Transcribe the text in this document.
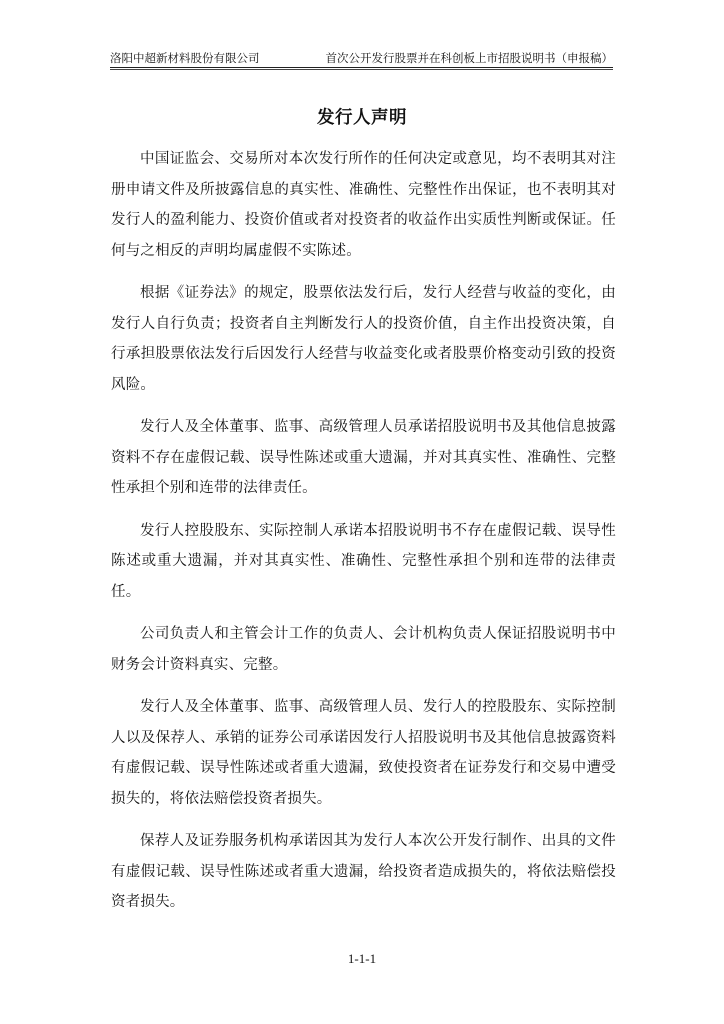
洛阳中超新材料股份有限公司	首次公开发行股票并在科创板上市招股说明书（申报稿）
发行人声明

中国证监会、交易所对本次发行所作的任何决定或意见，均不表明其对注册申请文件及所披露信息的真实性、准确性、完整性作出保证，也不表明其对发行人的盈利能力、投资价值或者对投资者的收益作出实质性判断或保证。任何与之相反的声明均属虚假不实陈述。

根据《证券法》的规定，股票依法发行后，发行人经营与收益的变化，由发行人自行负责；投资者自主判断发行人的投资价值，自主作出投资决策，自行承担股票依法发行后因发行人经营与收益变化或者股票价格变动引致的投资风险。

发行人及全体董事、监事、高级管理人员承诺招股说明书及其他信息披露资料不存在虚假记载、误导性陈述或重大遗漏，并对其真实性、准确性、完整性承担个别和连带的法律责任。

发行人控股股东、实际控制人承诺本招股说明书不存在虚假记载、误导性陈述或重大遗漏，并对其真实性、准确性、完整性承担个别和连带的法律责任。

公司负责人和主管会计工作的负责人、会计机构负责人保证招股说明书中财务会计资料真实、完整。

发行人及全体董事、监事、高级管理人员、发行人的控股股东、实际控制人以及保荐人、承销的证券公司承诺因发行人招股说明书及其他信息披露资料有虚假记载、误导性陈述或者重大遗漏，致使投资者在证券发行和交易中遭受损失的，将依法赔偿投资者损失。

保荐人及证券服务机构承诺因其为发行人本次公开发行制作、出具的文件有虚假记载、误导性陈述或者重大遗漏，给投资者造成损失的，将依法赔偿投资者损失。

1-1-1
